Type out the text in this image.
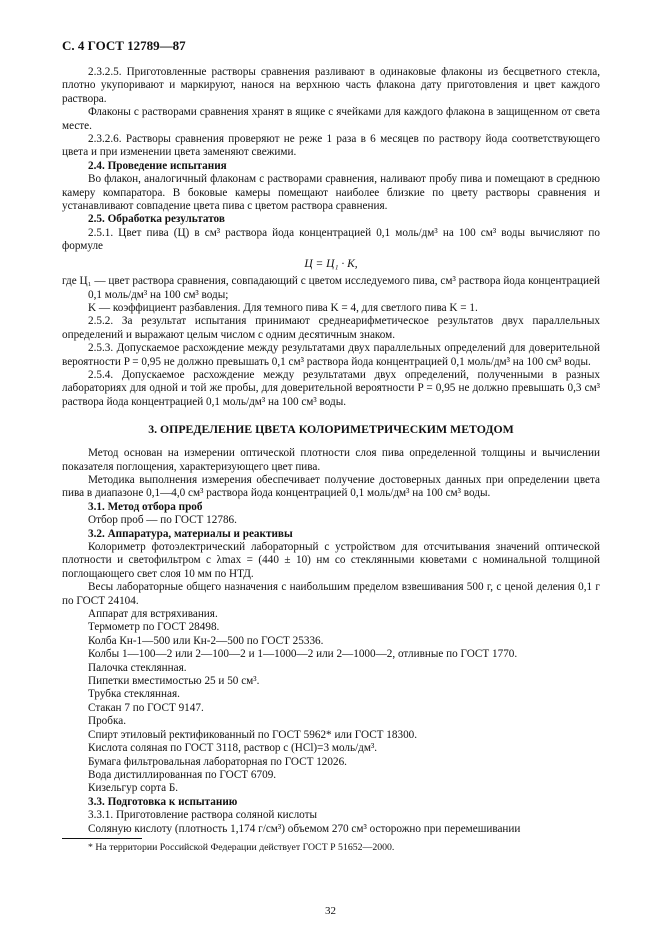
С. 4 ГОСТ 12789—87

2.3.2.5. Приготовленные растворы сравнения разливают в одинаковые флаконы из бесцветного стекла, плотно укупоривают и маркируют, нанося на верхнюю часть флакона дату приготовления и цвет каждого раствора.

Флаконы с растворами сравнения хранят в ящике с ячейками для каждого флакона в защищенном от света месте.

2.3.2.6. Растворы сравнения проверяют не реже 1 раза в 6 месяцев по раствору йода соответствующего цвета и при изменении цвета заменяют свежими.

2.4. Проведение испытания

Во флакон, аналогичный флаконам с растворами сравнения, наливают пробу пива и помещают в среднюю камеру компаратора. В боковые камеры помещают наиболее близкие по цвету растворы сравнения и устанавливают совпадение цвета пива с цветом раствора сравнения.

2.5. Обработка результатов

2.5.1. Цвет пива (Ц) в см³ раствора йода концентрацией 0,1 моль/дм³ на 100 см³ воды вычисляют по формуле

Ц = Ц₁ · K,

где Ц₁ — цвет раствора сравнения, совпадающий с цветом исследуемого пива, см³ раствора йода концентрацией 0,1 моль/дм³ на 100 см³ воды;

K — коэффициент разбавления. Для темного пива K = 4, для светлого пива K = 1.

2.5.2. За результат испытания принимают среднеарифметическое результатов двух параллельных определений и выражают целым числом с одним десятичным знаком.

2.5.3. Допускаемое расхождение между результатами двух параллельных определений для доверительной вероятности P = 0,95 не должно превышать 0,1 см³ раствора йода концентрацией 0,1 моль/дм³ на 100 см³ воды.

2.5.4. Допускаемое расхождение между результатами двух определений, полученными в разных лабораториях для одной и той же пробы, для доверительной вероятности P = 0,95 не должно превышать 0,3 см³ раствора йода концентрацией 0,1 моль/дм³ на 100 см³ воды.

3. ОПРЕДЕЛЕНИЕ ЦВЕТА КОЛОРИМЕТРИЧЕСКИМ МЕТОДОМ

Метод основан на измерении оптической плотности слоя пива определенной толщины и вычислении показателя поглощения, характеризующего цвет пива.

Методика выполнения измерения обеспечивает получение достоверных данных при определении цвета пива в диапазоне 0,1—4,0 см³ раствора йода концентрацией 0,1 моль/дм³ на 100 см³ воды.

3.1. Метод отбора проб

Отбор проб — по ГОСТ 12786.

3.2. Аппаратура, материалы и реактивы

Колориметр фотоэлектрический лабораторный с устройством для отсчитывания значений оптической плотности и светофильтром с λmax = (440 ± 10) нм со стеклянными кюветами с номинальной толщиной поглощающего свет слоя 10 мм по НТД.

Весы лабораторные общего назначения с наибольшим пределом взвешивания 500 г, с ценой деления 0,1 г по ГОСТ 24104.

Аппарат для встряхивания.

Термометр по ГОСТ 28498.

Колба Кн-1—500 или Кн-2—500 по ГОСТ 25336.

Колбы 1—100—2 или 2—100—2 и 1—1000—2 или 2—1000—2, отливные по ГОСТ 1770.

Палочка стеклянная.

Пипетки вместимостью 25 и 50 см³.

Трубка стеклянная.

Стакан 7 по ГОСТ 9147.

Пробка.

Спирт этиловый ректификованный по ГОСТ 5962* или ГОСТ 18300.

Кислота соляная по ГОСТ 3118, раствор с (HCl)=3 моль/дм³.

Бумага фильтровальная лабораторная по ГОСТ 12026.

Вода дистиллированная по ГОСТ 6709.

Кизельгур сорта Б.

3.3. Подготовка к испытанию

3.3.1. Приготовление раствора соляной кислоты

Соляную кислоту (плотность 1,174 г/см³) объемом 270 см³ осторожно при перемешивании

* На территории Российской Федерации действует ГОСТ Р 51652—2000.

32
